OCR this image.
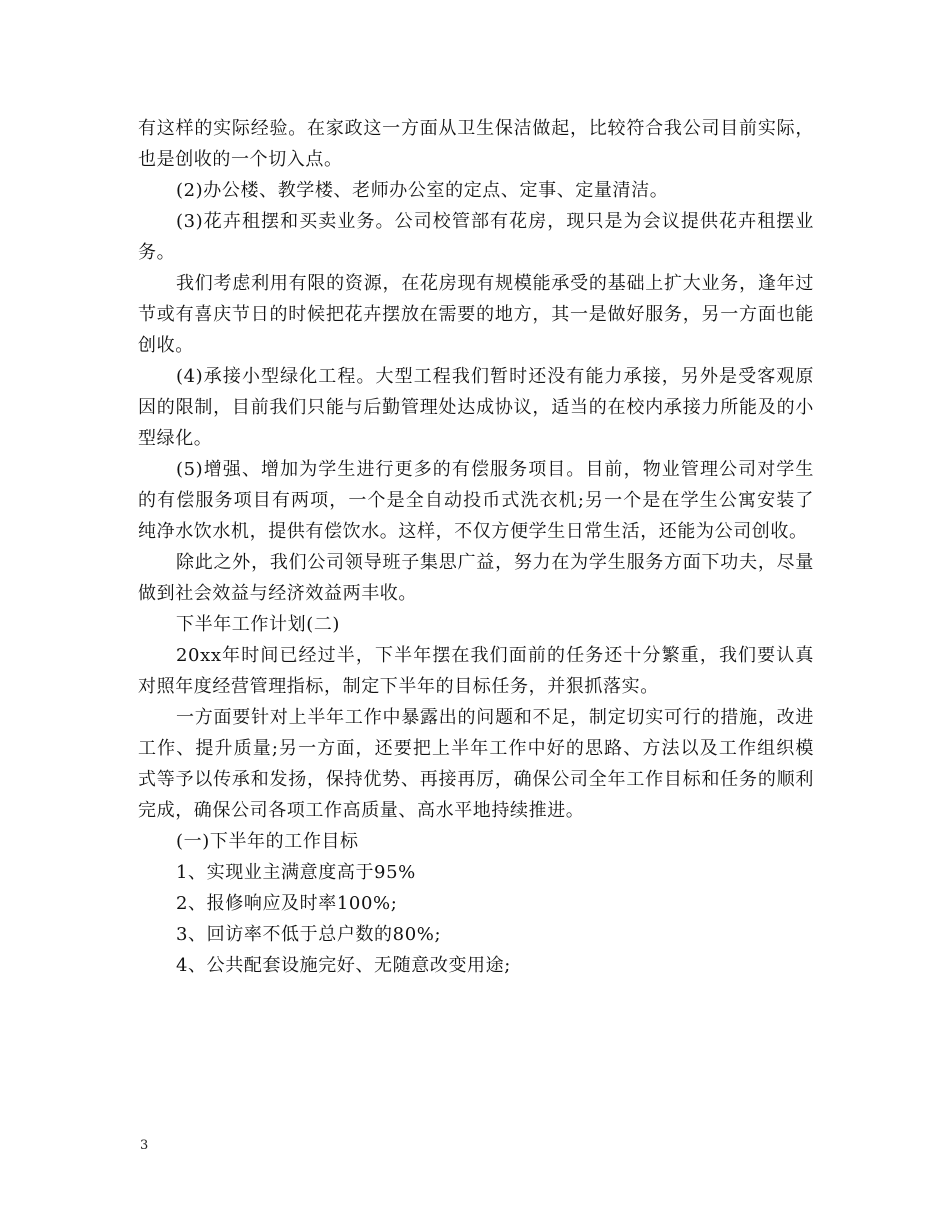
有这样的实际经验。在家政这一方面从卫生保洁做起，比较符合我公司目前实际，也是创收的一个切入点。

(2)办公楼、教学楼、老师办公室的定点、定事、定量清洁。

(3)花卉租摆和买卖业务。公司校管部有花房，现只是为会议提供花卉租摆业务。

我们考虑利用有限的资源，在花房现有规模能承受的基础上扩大业务，逢年过节或有喜庆节日的时候把花卉摆放在需要的地方，其一是做好服务，另一方面也能创收。

(4)承接小型绿化工程。大型工程我们暂时还没有能力承接，另外是受客观原因的限制，目前我们只能与后勤管理处达成协议，适当的在校内承接力所能及的小型绿化。

(5)增强、增加为学生进行更多的有偿服务项目。目前，物业管理公司对学生的有偿服务项目有两项，一个是全自动投币式洗衣机;另一个是在学生公寓安装了纯净水饮水机，提供有偿饮水。这样，不仅方便学生日常生活，还能为公司创收。

除此之外，我们公司领导班子集思广益，努力在为学生服务方面下功夫，尽量做到社会效益与经济效益两丰收。

下半年工作计划(二)

20xx年时间已经过半，下半年摆在我们面前的任务还十分繁重，我们要认真对照年度经营管理指标，制定下半年的目标任务，并狠抓落实。

一方面要针对上半年工作中暴露出的问题和不足，制定切实可行的措施，改进工作、提升质量;另一方面，还要把上半年工作中好的思路、方法以及工作组织模式等予以传承和发扬，保持优势、再接再厉，确保公司全年工作目标和任务的顺利完成，确保公司各项工作高质量、高水平地持续推进。

(一)下半年的工作目标

1、实现业主满意度高于95%

2、报修响应及时率100%;

3、回访率不低于总户数的80%;

4、公共配套设施完好、无随意改变用途;

3
